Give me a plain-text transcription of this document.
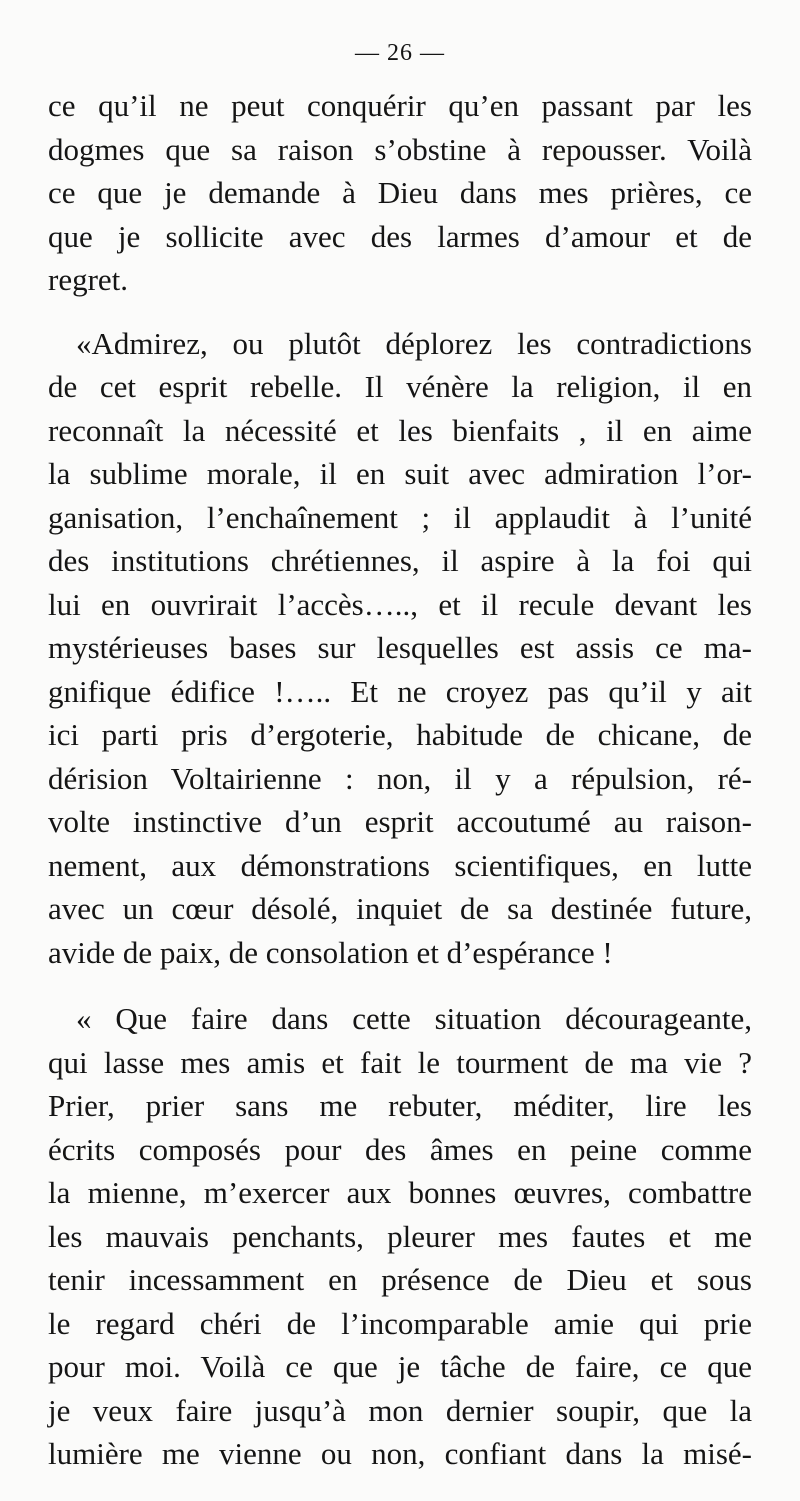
— 26 —
ce qu’il ne peut conquérir qu’en passant par les
dogmes que sa raison s’obstine à repousser. Voilà
ce que je demande à Dieu dans mes prières, ce
que je sollicite avec des larmes d’amour et de
regret.
«Admirez, ou plutôt déplorez les contradictions
de cet esprit rebelle. Il vénère la religion, il en
reconnaît la nécessité et les bienfaits , il en aime
la sublime morale, il en suit avec admiration l’or-
ganisation, l’enchaînement ; il applaudit à l’unité
des institutions chrétiennes, il aspire à la foi qui
lui en ouvrirait l’accès….., et il recule devant les
mystérieuses bases sur lesquelles est assis ce ma-
gnifique édifice !….. Et ne croyez pas qu’il y ait
ici parti pris d’ergoterie, habitude de chicane, de
dérision Voltairienne : non, il y a répulsion, ré-
volte instinctive d’un esprit accoutumé au raison-
nement, aux démonstrations scientifiques, en lutte
avec un cœur désolé, inquiet de sa destinée future,
avide de paix, de consolation et d’espérance !
« Que faire dans cette situation décourageante,
qui lasse mes amis et fait le tourment de ma vie ?
Prier, prier sans me rebuter, méditer, lire les
écrits composés pour des âmes en peine comme
la mienne, m’exercer aux bonnes œuvres, combattre
les mauvais penchants, pleurer mes fautes et me
tenir incessamment en présence de Dieu et sous
le regard chéri de l’incomparable amie qui prie
pour moi. Voilà ce que je tâche de faire, ce que
je veux faire jusqu’à mon dernier soupir, que la
lumière me vienne ou non, confiant dans la misé-
